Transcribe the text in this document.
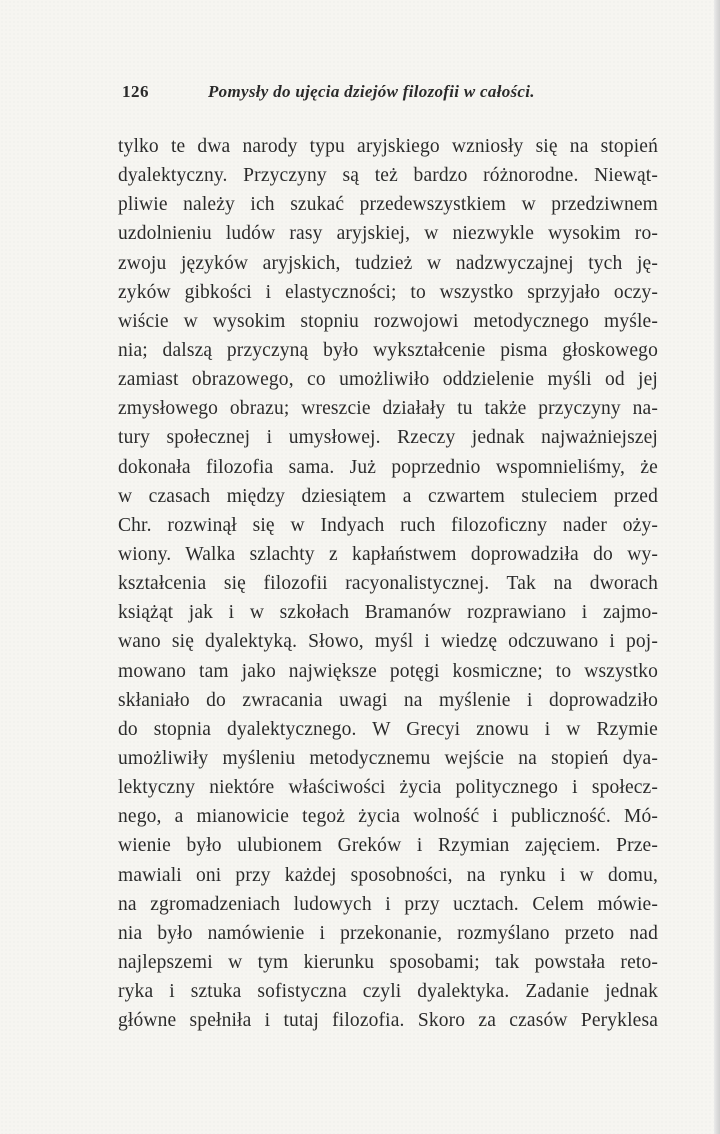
126	Pomysły do ujęcia dziejów filozofii w całości.
tylko te dwa narody typu aryjskiego wzniosły się na stopień
dyalektyczny. Przyczyny są też bardzo różnorodne. Niewąt-
pliwie należy ich szukać przedewszystkiem w przedziwnem
uzdolnieniu ludów rasy aryjskiej, w niezwykle wysokim ro-
zwoju języków aryjskich, tudzież w nadzwyczajnej tych ję-
zyków gibkości i elastyczności; to wszystko sprzyjało oczy-
wiście w wysokim stopniu rozwojowi metodycznego myśle-
nia; dalszą przyczyną było wykształcenie pisma głoskowego
zamiast obrazowego, co umożliwiło oddzielenie myśli od jej
zmysłowego obrazu; wreszcie działały tu także przyczyny na-
tury społecznej i umysłowej. Rzeczy jednak najważniejszej
dokonała filozofia sama. Już poprzednio wspomnieliśmy, że
w czasach między dziesiątem a czwartem stuleciem przed
Chr. rozwinął się w Indyach ruch filozoficzny nader oży-
wiony. Walka szlachty z kapłaństwem doprowadziła do wy-
kształcenia się filozofii racyonalistycznej. Tak na dworach
książąt jak i w szkołach Bramanów rozprawiano i zajmo-
wano się dyalektyką. Słowo, myśl i wiedzę odczuwano i poj-
mowano tam jako największe potęgi kosmiczne; to wszystko
skłaniało do zwracania uwagi na myślenie i doprowadziło
do stopnia dyalektycznego. W Grecyi znowu i w Rzymie
umożliwiły myśleniu metodycznemu wejście na stopień dya-
lektyczny niektóre właściwości życia politycznego i społecz-
nego, a mianowicie tegoż życia wolność i publiczność. Mó-
wienie było ulubionem Greków i Rzymian zajęciem. Prze-
mawiali oni przy każdej sposobności, na rynku i w domu,
na zgromadzeniach ludowych i przy ucztach. Celem mówie-
nia było namówienie i przekonanie, rozmyślano przeto nad
najlepszemi w tym kierunku sposobami; tak powstała reto-
ryka i sztuka sofistyczna czyli dyalektyka. Zadanie jednak
główne spełniła i tutaj filozofia. Skoro za czasów Peryklesa
